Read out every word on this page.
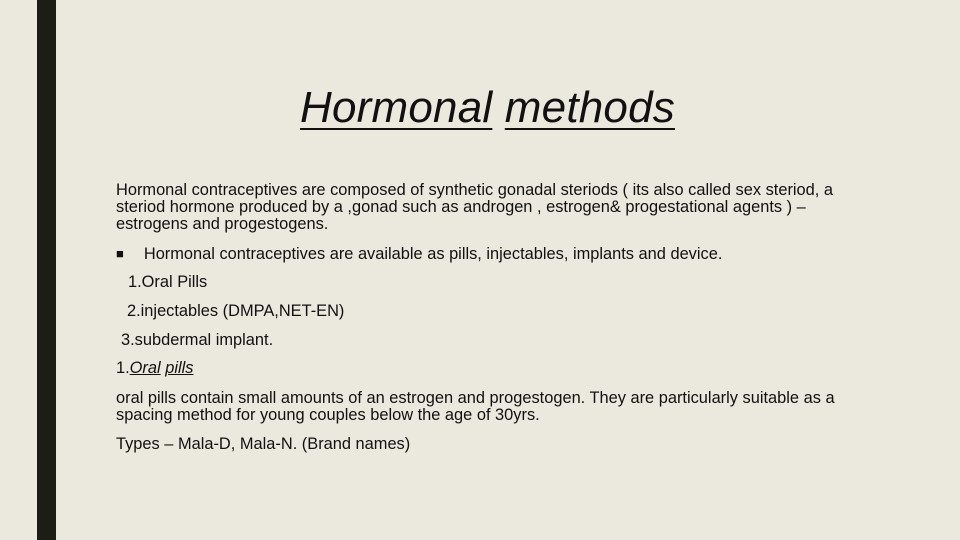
Hormonal methods

Hormonal contraceptives are composed of synthetic gonadal steriods ( its also called sex steriod, a steriod hormone produced by a ,gonad such as androgen , estrogen& progestational agents ) – estrogens and progestogens.

■ Hormonal contraceptives are available as pills, injectables, implants and device.
1.Oral Pills
2.injectables (DMPA,NET-EN)
3.subdermal implant.
1.Oral pills

oral pills contain small amounts of an estrogen and progestogen. They are particularly suitable as a spacing method for young couples below the age of 30yrs.

Types – Mala-D, Mala-N. (Brand names)
